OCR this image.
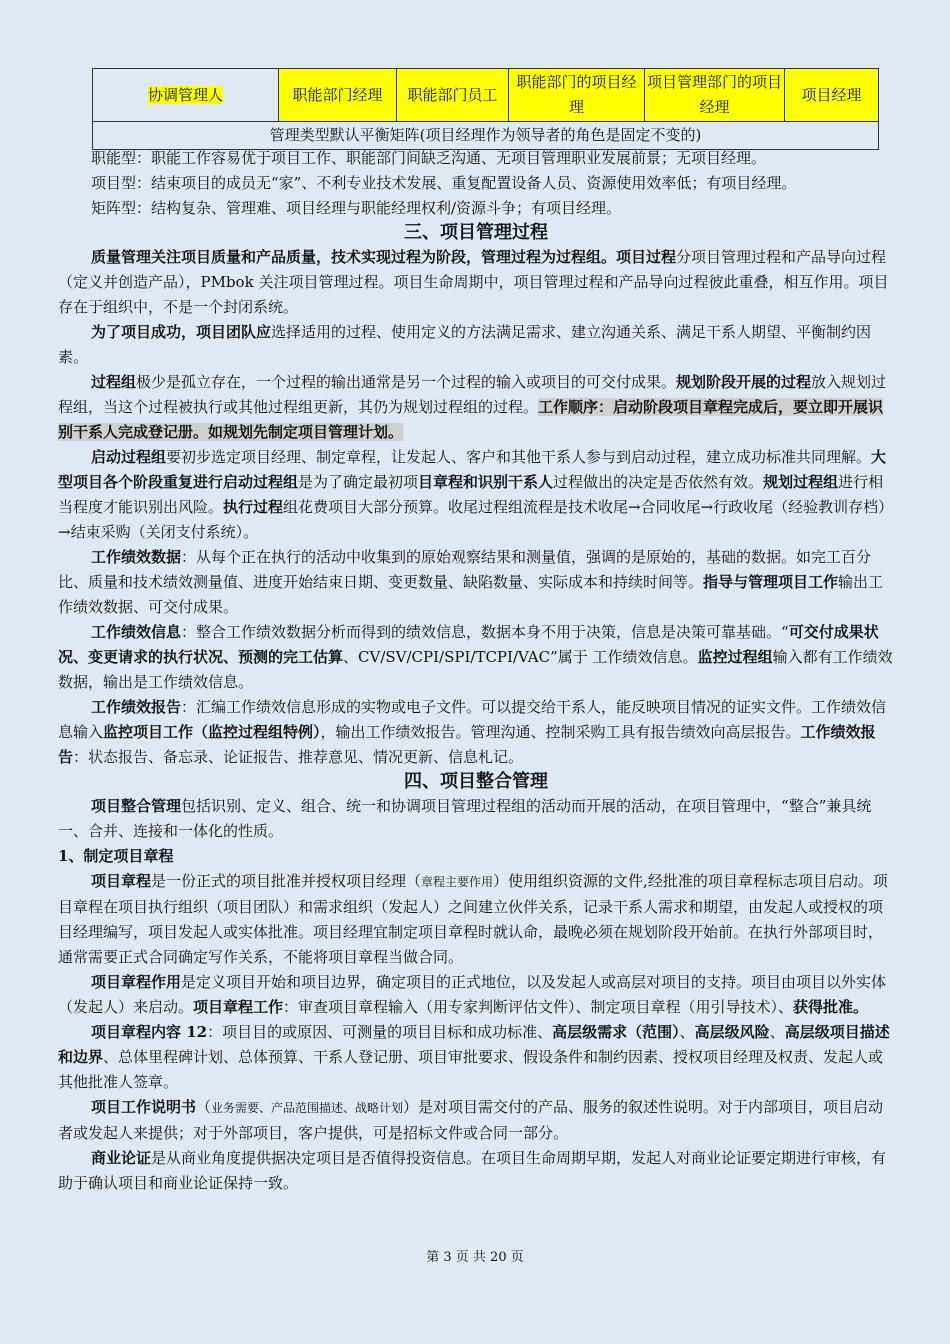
协调管理人	职能部门经理	职能部门员工	职能部门的项目经理	项目管理部门的项目经理	项目经理
管理类型默认平衡矩阵(项目经理作为领导者的角色是固定不变的)

职能型：职能工作容易优于项目工作、职能部门间缺乏沟通、无项目管理职业发展前景；无项目经理。

项目型：结束项目的成员无“家”、不利专业技术发展、重复配置设备人员、资源使用效率低；有项目经理。

矩阵型：结构复杂、管理难、项目经理与职能经理权利/资源斗争；有项目经理。

三、项目管理过程

质量管理关注项目质量和产品质量，技术实现过程为阶段，管理过程为过程组。项目过程分项目管理过程和产品导向过程（定义并创造产品），PMbok 关注项目管理过程。项目生命周期中，项目管理过程和产品导向过程彼此重叠，相互作用。项目存在于组织中，不是一个封闭系统。

为了项目成功，项目团队应选择适用的过程、使用定义的方法满足需求、建立沟通关系、满足干系人期望、平衡制约因素。

过程组极少是孤立存在，一个过程的输出通常是另一个过程的输入或项目的可交付成果。规划阶段开展的过程放入规划过程组，当这个过程被执行或其他过程组更新，其仍为规划过程组的过程。工作顺序：启动阶段项目章程完成后，要立即开展识别干系人完成登记册。如规划先制定项目管理计划。

启动过程组要初步选定项目经理、制定章程，让发起人、客户和其他干系人参与到启动过程，建立成功标准共同理解。大型项目各个阶段重复进行启动过程组是为了确定最初项目章程和识别干系人过程做出的决定是否依然有效。规划过程组进行相当程度才能识别出风险。执行过程组花费项目大部分预算。收尾过程组流程是技术收尾→合同收尾→行政收尾（经验教训存档）→结束采购（关闭支付系统）。

工作绩效数据：从每个正在执行的活动中收集到的原始观察结果和测量值，强调的是原始的，基础的数据。如完工百分比、质量和技术绩效测量值、进度开始结束日期、变更数量、缺陷数量、实际成本和持续时间等。指导与管理项目工作输出工作绩效数据、可交付成果。

工作绩效信息：整合工作绩效数据分析而得到的绩效信息，数据本身不用于决策，信息是决策可靠基础。“可交付成果状况、变更请求的执行状况、预测的完工估算、CV/SV/CPI/SPI/TCPI/VAC”属于 工作绩效信息。监控过程组输入都有工作绩效数据，输出是工作绩效信息。

工作绩效报告：汇编工作绩效信息形成的实物或电子文件。可以提交给干系人，能反映项目情况的证实文件。工作绩效信息输入监控项目工作（监控过程组特例），输出工作绩效报告。管理沟通、控制采购工具有报告绩效向高层报告。工作绩效报告：状态报告、备忘录、论证报告、推荐意见、情况更新、信息札记。

四、项目整合管理

项目整合管理包括识别、定义、组合、统一和协调项目管理过程组的活动而开展的活动，在项目管理中，“整合”兼具统一、合并、连接和一体化的性质。

1、制定项目章程

项目章程是一份正式的项目批准并授权项目经理（章程主要作用）使用组织资源的文件,经批准的项目章程标志项目启动。项目章程在项目执行组织（项目团队）和需求组织（发起人）之间建立伙伴关系，记录干系人需求和期望，由发起人或授权的项目经理编写，项目发起人或实体批准。项目经理宜制定项目章程时就认命，最晚必须在规划阶段开始前。在执行外部项目时，通常需要正式合同确定写作关系，不能将项目章程当做合同。

项目章程作用是定义项目开始和项目边界，确定项目的正式地位，以及发起人或高层对项目的支持。项目由项目以外实体（发起人）来启动。项目章程工作：审查项目章程输入（用专家判断评估文件）、制定项目章程（用引导技术）、获得批准。

项目章程内容 12：项目目的或原因、可测量的项目目标和成功标准、高层级需求（范围）、高层级风险、高层级项目描述和边界、总体里程碑计划、总体预算、干系人登记册、项目审批要求、假设条件和制约因素、授权项目经理及权责、发起人或其他批准人签章。

项目工作说明书（业务需要、产品范围描述、战略计划）是对项目需交付的产品、服务的叙述性说明。对于内部项目，项目启动者或发起人来提供；对于外部项目，客户提供，可是招标文件或合同一部分。

商业论证是从商业角度提供据决定项目是否值得投资信息。在项目生命周期早期，发起人对商业论证要定期进行审核，有助于确认项目和商业论证保持一致。

第 3 页 共 20 页
